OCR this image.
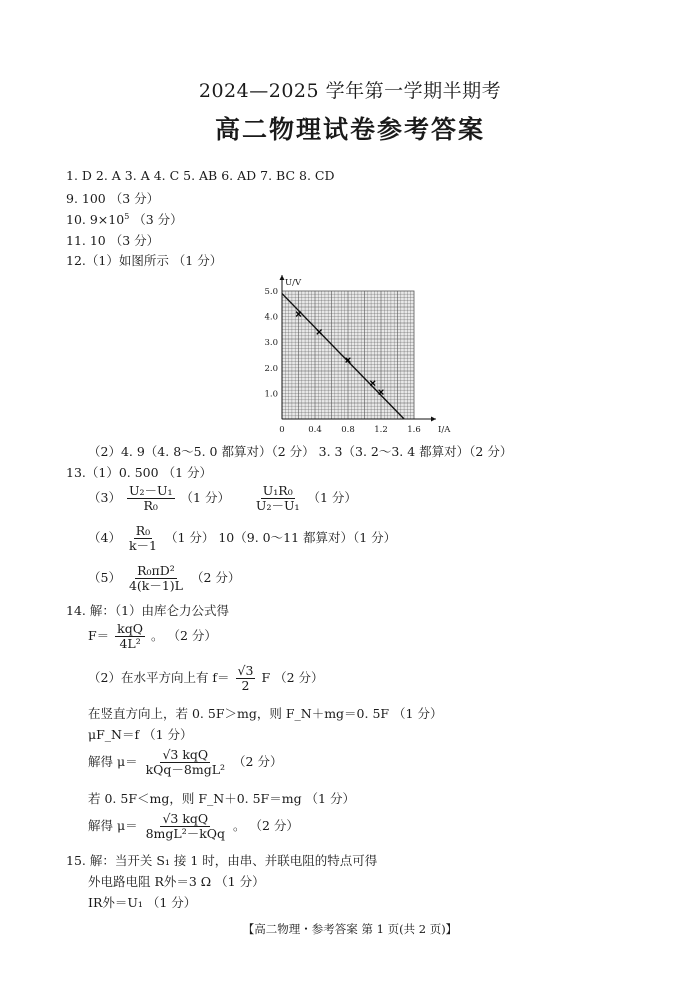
2024—2025 学年第一学期半期考
高二物理试卷参考答案
1. D 2. A 3. A 4. C 5. AB 6. AD 7. BC 8. CD
9. 100 （3 分）
10. $9\times 10^5$ （3 分）
11. 10 （3 分）
12.（1）如图所示 （1 分）
0	0.4 0.8 1.2 1.6
1.0
2.0
3.0
4.0
5.0
I/A
U/V
（2）4. 9（4. 8～5. 0 都算对）（2 分） 3. 3（3. 2～3. 4 都算对）（2 分）
13.（1）0. 500 （1 分）
$(3) \frac{\text{U₂－U₁}}{\text{R₀}} (1$ 分） $\frac{\text{U₁R₀}}{\text{U₂－U₁}} (1$ 分）
$(4) \frac{\text{R₀}}{k-1} (1$ 分） 10（9. 0～11 都算对）（1 分）
$(5) \frac{\text{R₀πD²}}{4(k-1)L} (2$ 分）
14. 解：（1）由库仑力公式得
$F= \frac{\text{kqQ}}{\text{4L²}}$ 。 （2 分）
（2）在水平方向上有 $f= \frac{√3}{2}$ F （2 分）
在竖直方向上，若 0. 5F＞mg，则 F_N＋mg＝0. 5F （1 分）
μF_N＝f （1 分）
解得 $\mu= \frac{\text{√3 kqQ}}{\text{kQq－8mgL²}} (2$ 分）
若 0. 5F＜mg，则 F_N＋0. 5F＝mg （1 分）
解得 $\mu= \frac{\text{√3 kqQ}}{\text{8mgL²－kQq}}$ 。 （2 分）
15. 解：当开关 S₁ 接 1 时，由串、并联电阻的特点可得
外电路电阻 R外＝3 Ω （1 分）
IR外＝U₁ （1 分）
【高二物理・参考答案 第 1 页(共 2 页)】
